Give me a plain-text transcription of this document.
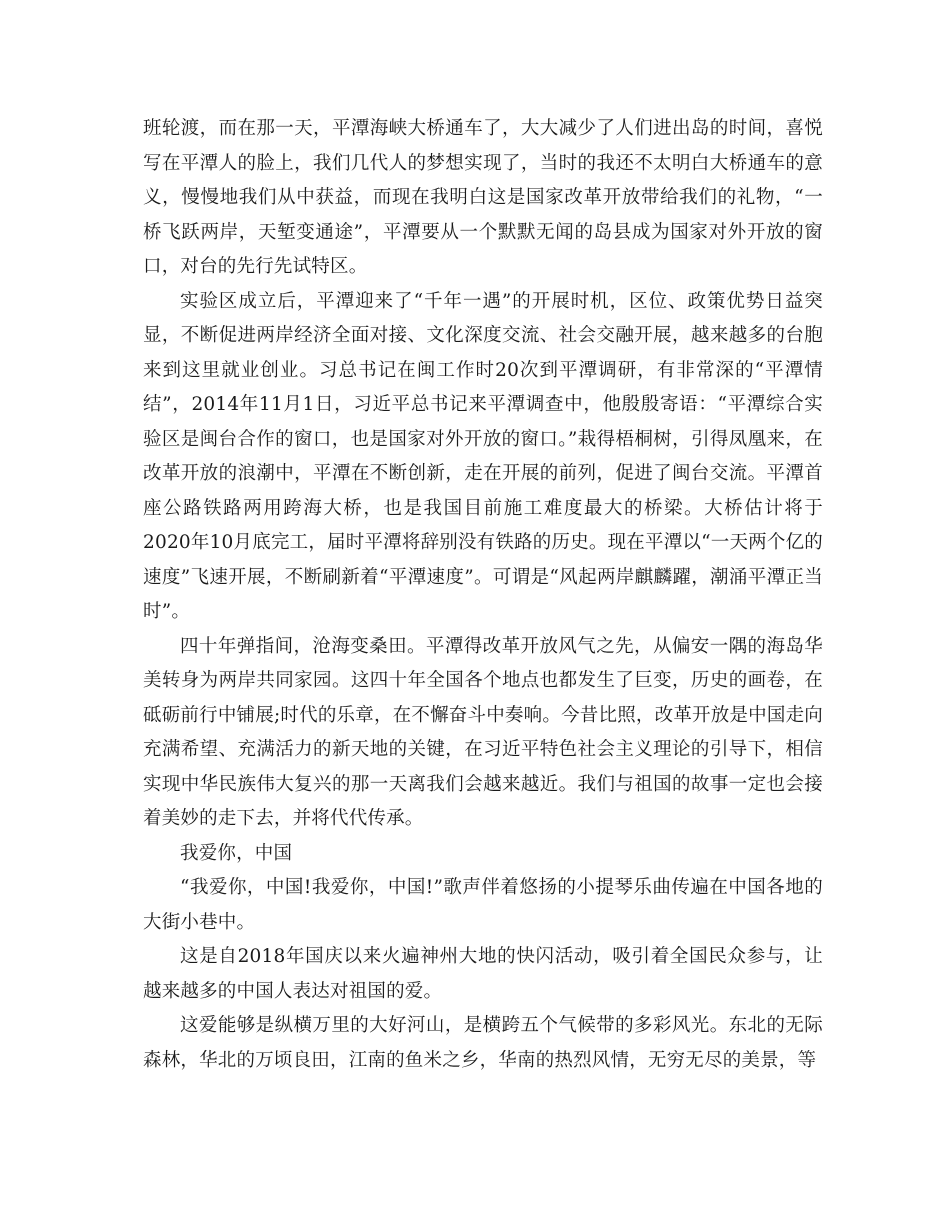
班轮渡，而在那一天，平潭海峡大桥通车了，大大减少了人们进出岛的时间，喜悦写在平潭人的脸上，我们几代人的梦想实现了，当时的我还不太明白大桥通车的意义，慢慢地我们从中获益，而现在我明白这是国家改革开放带给我们的礼物，“一桥飞跃两岸，天堑变通途”，平潭要从一个默默无闻的岛县成为国家对外开放的窗口，对台的先行先试特区。

实验区成立后，平潭迎来了“千年一遇”的开展时机，区位、政策优势日益突显，不断促进两岸经济全面对接、文化深度交流、社会交融开展，越来越多的台胞来到这里就业创业。习总书记在闽工作时20次到平潭调研，有非常深的“平潭情结”，2014年11月1日，习近平总书记来平潭调查中，他殷殷寄语：“平潭综合实验区是闽台合作的窗口，也是国家对外开放的窗口。”栽得梧桐树，引得凤凰来，在改革开放的浪潮中，平潭在不断创新，走在开展的前列，促进了闽台交流。平潭首座公路铁路两用跨海大桥，也是我国目前施工难度最大的桥梁。大桥估计将于2020年10月底完工，届时平潭将辞别没有铁路的历史。现在平潭以“一天两个亿的速度”飞速开展，不断刷新着“平潭速度”。可谓是“风起两岸麒麟躍，潮涌平潭正当时”。

四十年弹指间，沧海变桑田。平潭得改革开放风气之先，从偏安一隅的海岛华美转身为两岸共同家园。这四十年全国各个地点也都发生了巨变，历史的画卷，在砥砺前行中铺展;时代的乐章，在不懈奋斗中奏响。今昔比照，改革开放是中国走向充满希望、充满活力的新天地的关键，在习近平特色社会主义理论的引导下，相信实现中华民族伟大复兴的那一天离我们会越来越近。我们与祖国的故事一定也会接着美妙的走下去，并将代代传承。

我爱你，中国

“我爱你，中国!我爱你，中国!”歌声伴着悠扬的小提琴乐曲传遍在中国各地的大街小巷中。

这是自2018年国庆以来火遍神州大地的快闪活动，吸引着全国民众参与，让越来越多的中国人表达对祖国的爱。

这爱能够是纵横万里的大好河山，是横跨五个气候带的多彩风光。东北的无际森林，华北的万顷良田，江南的鱼米之乡，华南的热烈风情，无穷无尽的美景，等
